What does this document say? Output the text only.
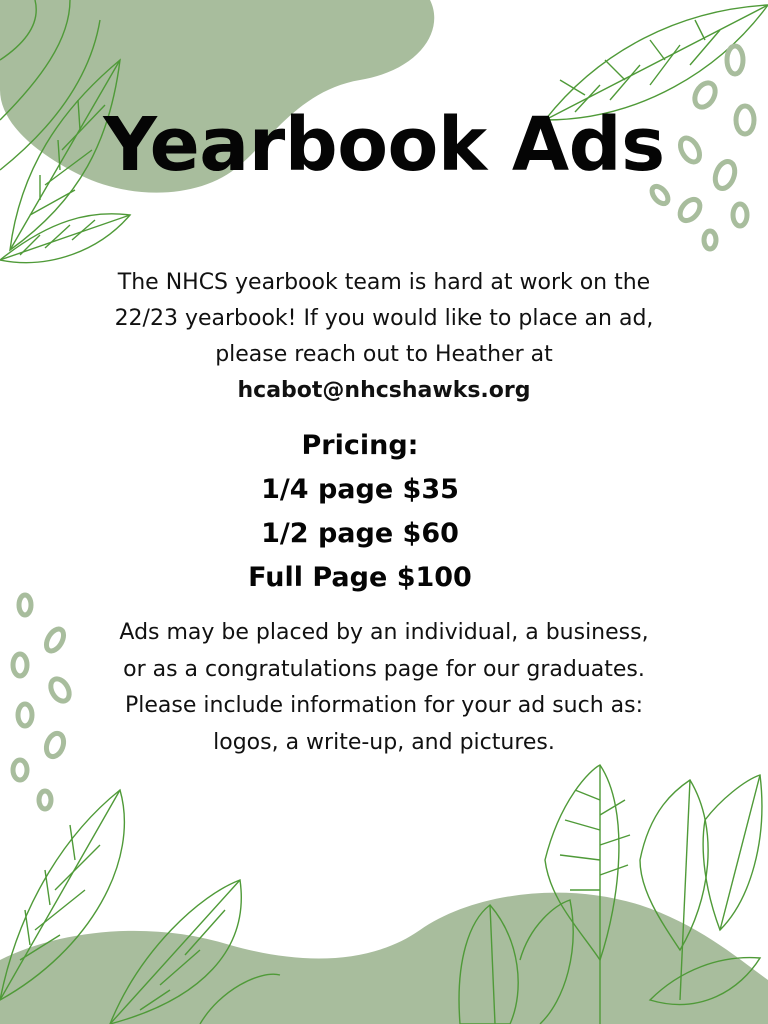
Yearbook Ads
The NHCS yearbook team is hard at work on the
22/23 yearbook! If you would like to place an ad,
please reach out to Heather at
hcabot@nhcshawks.org
Pricing:
1/4 page $35
1/2 page $60
Full Page $100
Ads may be placed by an individual, a business,
or as a congratulations page for our graduates.
Please include information for your ad such as:
logos, a write-up, and pictures.
